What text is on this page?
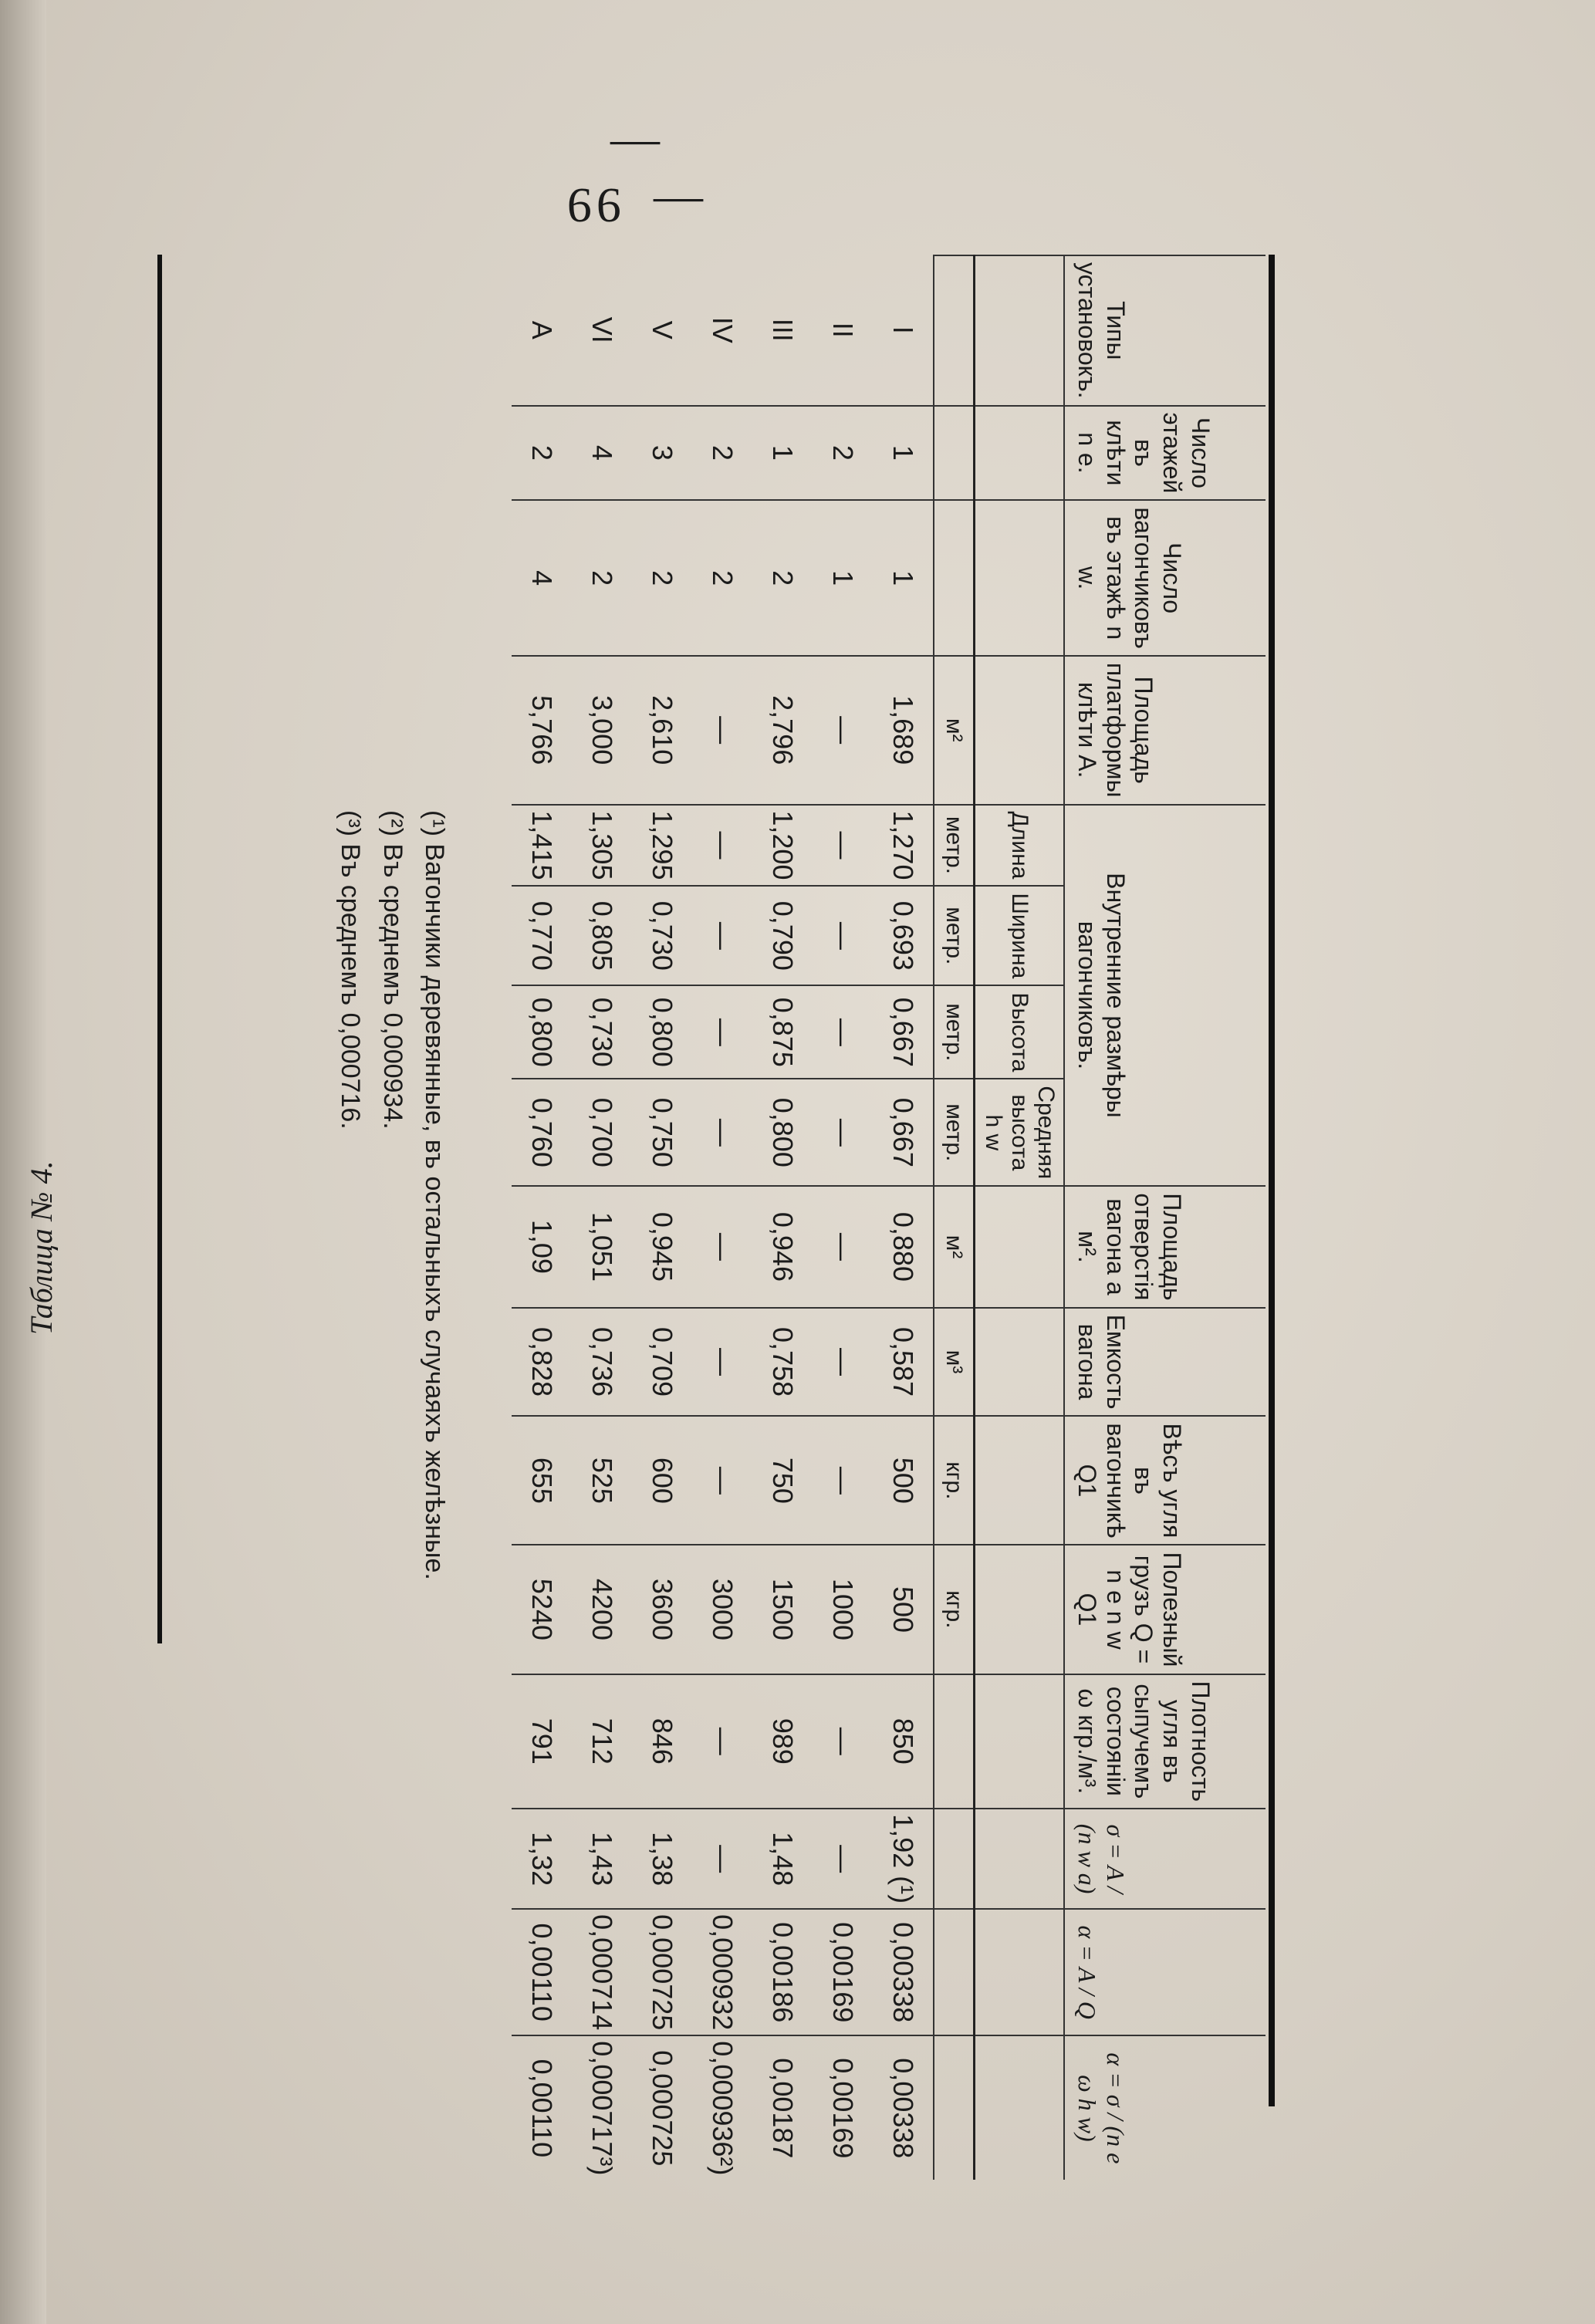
—99—
Типы установокъ.	Число этажей въ клѣти n e.	Число вагончиковъ въ этажѣ n w.	Площадь платформы клѣти A.	Внутренние размѣры вагончиковъ.				Площадь отверстія вагона a м².	Емкость вагона	Вѣсъ угля въ вагончикѣ Q1	Полезный грузъ Q = n e n w Q1	Плотность угля въ сыпучемъ состояніи ω кгр./м³.	σ = A / (n w a)	α = A / Q	α = σ / (n e ω h w)
				Длина	Ширина	Высота	Средняя высота h w								
			м²	метр.	метр.	метр.	метр.	м²	м³	кгр.	кгр.				
I	1	1	1,689	1,270	0,693	0,667	0,667	0,880	0,587	500	500	850	1,92 (¹)	0,00338	0,00338
II	2	1	—	—	—	—	—	—	—	—	1000	—	—	0,00169	0,00169
III	1	2	2,796	1,200	0,790	0,875	0,800	0,946	0,758	750	1500	989	1,48	0,00186	0,00187
IV	2	2	—	—	—	—	—	—	—	—	3000	—	—	0,000932	0,000936²)
V	3	2	2,610	1,295	0,730	0,800	0,750	0,945	0,709	600	3600	846	1,38	0,000725	0,000725
VI	4	2	3,000	1,305	0,805	0,730	0,700	1,051	0,736	525	4200	712	1,43	0,000714	0,000717³)
A	2	4	5,766	1,415	0,770	0,800	0,760	1,09	0,828	655	5240	791	1,32	0,00110	0,00110
(¹) Вагончики деревянные, въ остальныхъ случаяхъ желѣзные.
(²) Въ среднемъ 0,000934.
(³) Въ среднемъ 0,000716.
Таблица № 4.
